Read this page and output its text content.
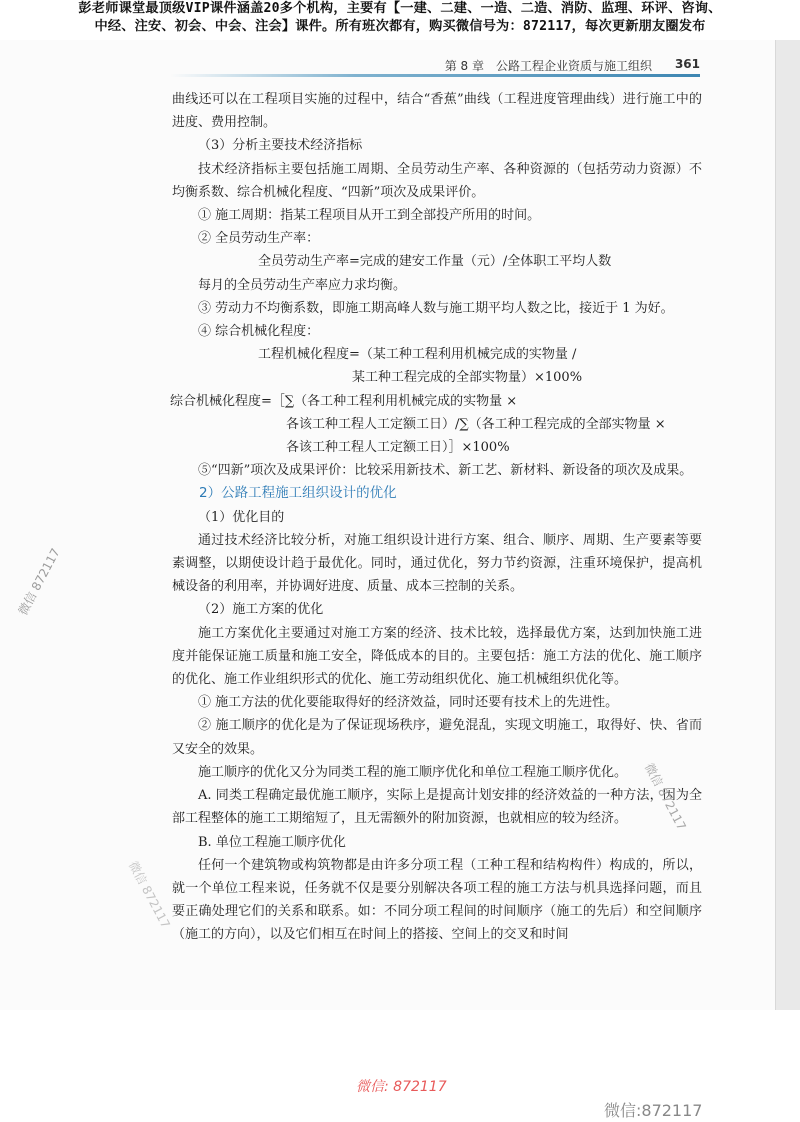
彭老师课堂最顶级VIP课件涵盖20多个机构，主要有【一建、二建、一造、二造、消防、监理、环评、咨询、
中经、注安、初会、中会、注会】课件。所有班次都有，购买微信号为：872117，每次更新朋友圈发布
第 8 章　公路工程企业资质与施工组织 361

曲线还可以在工程项目实施的过程中，结合“香蕉”曲线（工程进度管理曲线）进行施工中的进度、费用控制。

（3）分析主要技术经济指标

技术经济指标主要包括施工周期、全员劳动生产率、各种资源的（包括劳动力资源）不均衡系数、综合机械化程度、“四新”项次及成果评价。

① 施工周期：指某工程项目从开工到全部投产所用的时间。

② 全员劳动生产率：

全员劳动生产率=完成的建安工作量（元）/全体职工平均人数

每月的全员劳动生产率应力求均衡。

③ 劳动力不均衡系数，即施工期高峰人数与施工期平均人数之比，接近于 1 为好。

④ 综合机械化程度：

工程机械化程度=（某工种工程利用机械完成的实物量 /

某工种工程完成的全部实物量）×100%

综合机械化程度=［∑（各工种工程利用机械完成的实物量 ×

各该工种工程人工定额工日）/∑（各工种工程完成的全部实物量 ×

各该工种工程人工定额工日）］×100%

⑤“四新”项次及成果评价：比较采用新技术、新工艺、新材料、新设备的项次及成果。

2）公路工程施工组织设计的优化

（1）优化目的

通过技术经济比较分析，对施工组织设计进行方案、组合、顺序、周期、生产要素等要素调整，以期使设计趋于最优化。同时，通过优化，努力节约资源，注重环境保护，提高机械设备的利用率，并协调好进度、质量、成本三控制的关系。

（2）施工方案的优化

施工方案优化主要通过对施工方案的经济、技术比较，选择最优方案，达到加快施工进度并能保证施工质量和施工安全，降低成本的目的。主要包括：施工方法的优化、施工顺序的优化、施工作业组织形式的优化、施工劳动组织优化、施工机械组织优化等。

① 施工方法的优化要能取得好的经济效益，同时还要有技术上的先进性。

② 施工顺序的优化是为了保证现场秩序，避免混乱，实现文明施工，取得好、快、省而又安全的效果。

施工顺序的优化又分为同类工程的施工顺序优化和单位工程施工顺序优化。

A. 同类工程确定最优施工顺序，实际上是提高计划安排的经济效益的一种方法，因为全部工程整体的施工工期缩短了，且无需额外的附加资源，也就相应的较为经济。

B. 单位工程施工顺序优化

任何一个建筑物或构筑物都是由许多分项工程（工种工程和结构构件）构成的，所以，就一个单位工程来说，任务就不仅是要分别解决各项工程的施工方法与机具选择问题，而且要正确处理它们的关系和联系。如：不同分项工程间的时间顺序（施工的先后）和空间顺序（施工的方向），以及它们相互在时间上的搭接、空间上的交叉和时间

微信 872117
微信 872117
微信 872117
微信: 872117
微信:872117
